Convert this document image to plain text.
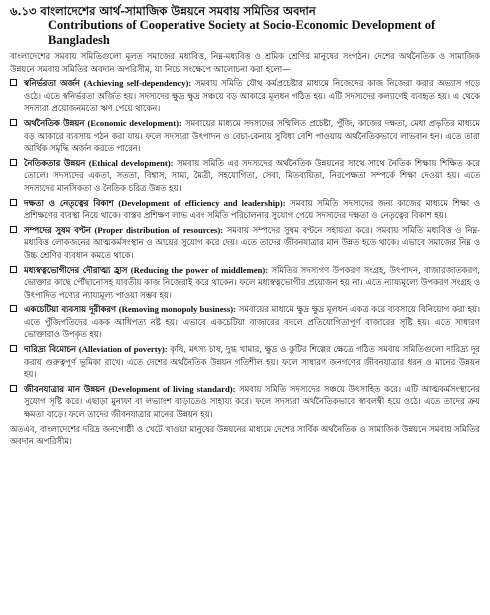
৬.১৩ বাংলাদেশের আর্থ-সামাজিক উন্নয়নে সমবায় সমিতির অবদান
Contributions of Cooperative Society at Socio-Economic Development of Bangladesh

বাংলাদেশের সমবায় সমিতিগুলো মূলত সমাজের মধ্যবিত্ত, নিম্ন-মধ্যবিত্ত ও শ্রমিক শ্রেণির মানুষের সংগঠন। দেশের অর্থনৈতিক ও সামাজিক উন্নয়নে সমবায় সমিতির অবদান অপরিসীম, যা নিচে সংক্ষেপে আলোচনা করা হলো—

স্বনির্ভরতা অর্জন (Achieving self-dependency): সমবায় সমিতি যৌথ কর্মপ্রচেষ্টার মাধ্যমে নিজেদের কাজ নিজেরা করার অভ্যাস গড়ে ওঠে। এতে স্বনির্ভরতা অর্জিত হয়। সদস্যদের ক্ষুদ্র ক্ষুদ্র সঞ্চয়ে বড় আকারে মূলধন গঠিত হয়। এটি সদস্যদের কল্যাণেই ব্যবহৃত হয়। এ থেকে সদস্যরা প্রয়োজনমতো ঋণ পেয়ে থাকেন।

অর্থনৈতিক উন্নয়ন (Economic development): সমবায়ের মাধ্যমে সদস্যদের সম্মিলিত প্রচেষ্টা, পুঁজি, কাজের দক্ষতা, মেধা প্রভৃতির মাধ্যমে বড় আকারে ব্যবসায় গঠন করা যায়। ফলে সদস্যরা উৎপাদন ও বেচা-কেনায় সুবিধা বেশি পাওয়ায় অর্থনৈতিকভাবে লাভবান হন। এতে তারা আর্থিক সমৃদ্ধি অর্জন করতে পারেন।

নৈতিকতার উন্নয়ন (Ethical development): সমবায় সমিতি এর সদস্যদের অর্থনৈতিক উন্নয়নের সাথে সাথে নৈতিক শিক্ষায় শিক্ষিত করে তোলে। সদস্যদের একতা, সততা, বিশ্বাস, সাম্য, মৈত্রী, সহযোগিতা, সেবা, মিতব্যয়িতা, নিরপেক্ষতা সম্পর্কে শিক্ষা দেওয়া হয়। এতে সদস্যদের মানসিকতা ও নৈতিক চরিত্র উন্নত হয়।

দক্ষতা ও নেতৃত্বের বিকাশ (Development of efficiency and leadership): সমবায় সমিতি সদস্যদের জন্য কাজের মাধ্যমে শিক্ষা ও প্রশিক্ষণের ব্যবস্থা নিয়ে থাকে। বাস্তব প্রশিক্ষণ লাভ এবং সমিতি পরিচালনার সুযোগ পেয়ে সদস্যদের দক্ষতা ও নেতৃত্বের বিকাশ হয়।

সম্পদের সুষম বণ্টন (Proper distribution of resources): সমবায় সম্পদের সুষম বণ্টনে সহায়তা করে। সমবায় সমিতি মধ্যবিত্ত ও নিম্ন-মধ্যবিত্ত লোকজনের আত্মকর্মসংস্থান ও আয়ের সুযোগ করে দেয়। এতে তাদের জীবনযাত্রার মান উন্নত হতে থাকে। এভাবে সমাজের নিম্ন ও উচ্চ শ্রেণির ব্যবধান কমতে থাকে।

মধ্যস্বত্বভোগীদের দৌরাত্ম্য হ্রাস (Reducing the power of middlemen): সমিতির সদস্যগণ উপকরণ সংগ্রহ, উৎপাদন, বাজারজাতকরণ, ভোক্তার কাছে পৌঁছানোসহ যাবতীয় কাজ নিজেরাই করে থাকেন। ফলে মধ্যস্বত্বভোগীর প্রয়োজন হয় না। এতে ন্যায্যমূল্যে উপকরণ সংগ্রহ ও উৎপাদিত পণ্যের ন্যায্যমূল্য পাওয়া সম্ভব হয়।

একচেটিয়া ব্যবসায় দূরীকরণ (Removing monopoly business): সমবায়ের মাধ্যমে ক্ষুদ্র ক্ষুদ্র মূলধন একত্র করে ব্যবসায়ে বিনিয়োগ করা হয়। এতে পুঁজিপতিদের একক আধিপত্য নষ্ট হয়। এভাবে একচেটিয়া বাজারের বদলে প্রতিযোগিতাপূর্ণ বাজারের সৃষ্টি হয়। এতে সাধারণ ভোক্তারাও উপকৃত হয়।

দারিদ্র্য বিমোচন (Alleviation of poverty): কৃষি, মৎস্য চাষ, দুগ্ধ খামার, ক্ষুদ্র ও কুটির শিল্পের ক্ষেত্রে গঠিত সমবায় সমিতিগুলো দারিদ্র্য দূর করায় গুরুত্বপূর্ণ ভূমিকা রাখে। এতে দেশের অর্থনৈতিক উন্নয়ন গতিশীল হয়। ফলে সাধারণ জনগণের জীবনযাত্রার ধরন ও মানের উন্নয়ন হয়।

জীবনযাত্রার মান উন্নয়ন (Development of living standard): সমবায় সমিতি সদস্যদের সঞ্চয়ে উৎসাহিত করে। এটি আত্মকর্মসংস্থানের সুযোগ সৃষ্টি করে। এছাড়া মুনাফা বা লভ্যাংশ বাড়াতেও সাহায্য করে। ফলে সদস্যরা অর্থনৈতিকভাবে স্বাবলম্বী হয়ে ওঠে। এতে তাদের ক্রয় ক্ষমতা বাড়ে। ফলে তাদের জীবনযাত্রার মানের উন্নয়ন হয়।

অতএব, বাংলাদেশের দরিদ্র জনগোষ্ঠী ও খেটে খাওয়া মানুষের উন্নয়নের মাধ্যমে দেশের সার্বিক অর্থনৈতিক ও সামাজিক উন্নয়নে সমবায় সমিতির অবদান অপরিসীম।
